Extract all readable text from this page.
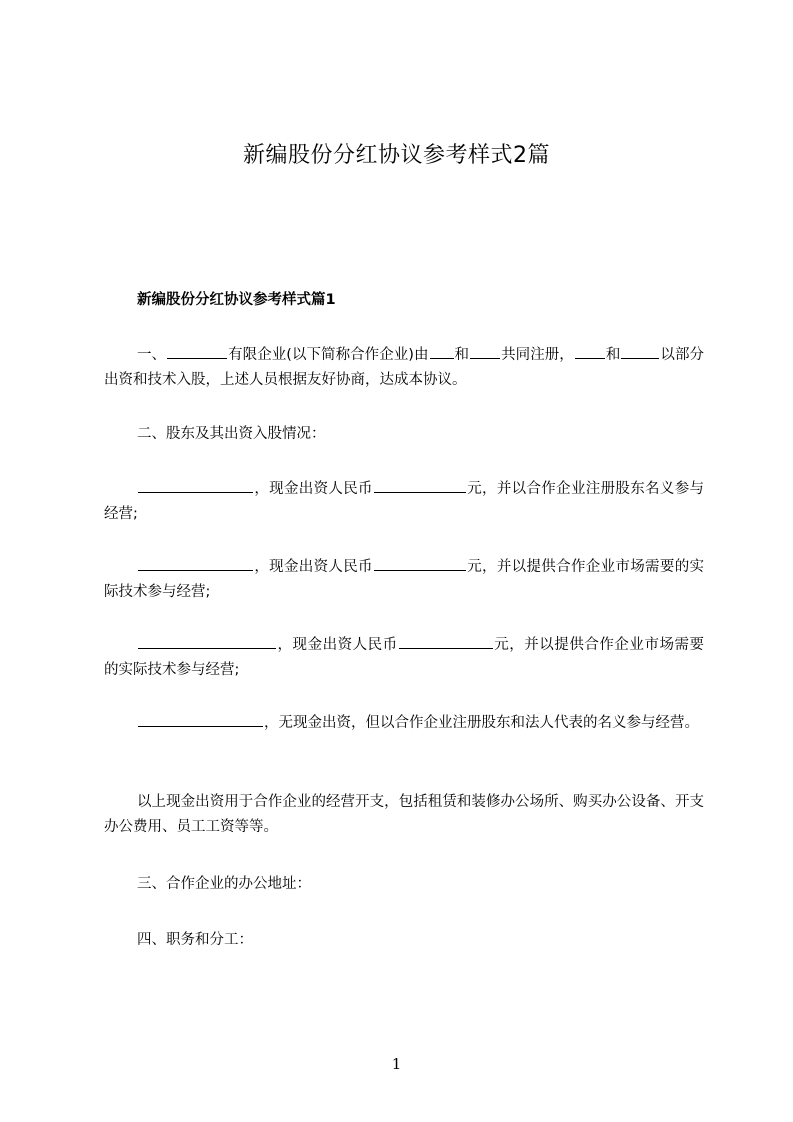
新编股份分红协议参考样式2篇
新编股份分红协议参考样式篇1

一、	有限企业(以下简称合作企业)由 和 共同注册， 和	以部分出资和技术入股，上述人员根据友好协商，达成本协议。

二、股东及其出资入股情况：

，现金出资人民币	元，并以合作企业注册股东名义参与经营;

，现金出资人民币	元，并以提供合作企业市场需要的实际技术参与经营;

，现金出资人民币	元，并以提供合作企业市场需要的实际技术参与经营;

，无现金出资，但以合作企业注册股东和法人代表的名义参与经营。

以上现金出资用于合作企业的经营开支，包括租赁和装修办公场所、购买办公设备、开支办公费用、员工工资等等。

三、合作企业的办公地址：

四、职务和分工：

1
